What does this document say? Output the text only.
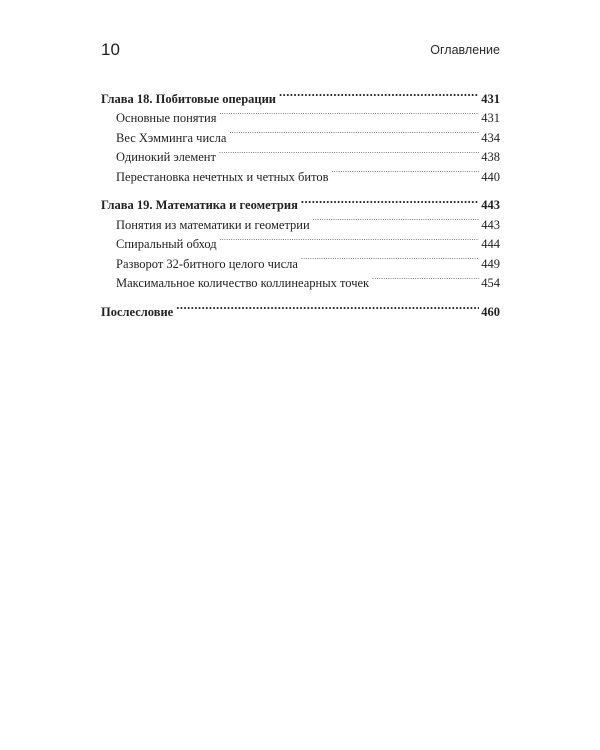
10	Оглавление
Глава 18. Побитовые операции .....	431
Основные понятия .....	431
Вес Хэмминга числа .....	434
Одинокий элемент .....	438
Перестановка нечетных и четных битов .....	440
Глава 19. Математика и геометрия .....	443
Понятия из математики и геометрии .....	443
Спиральный обход .....	444
Разворот 32-битного целого числа .....	449
Максимальное количество коллинеарных точек .....	454
Послесловие .....	460
